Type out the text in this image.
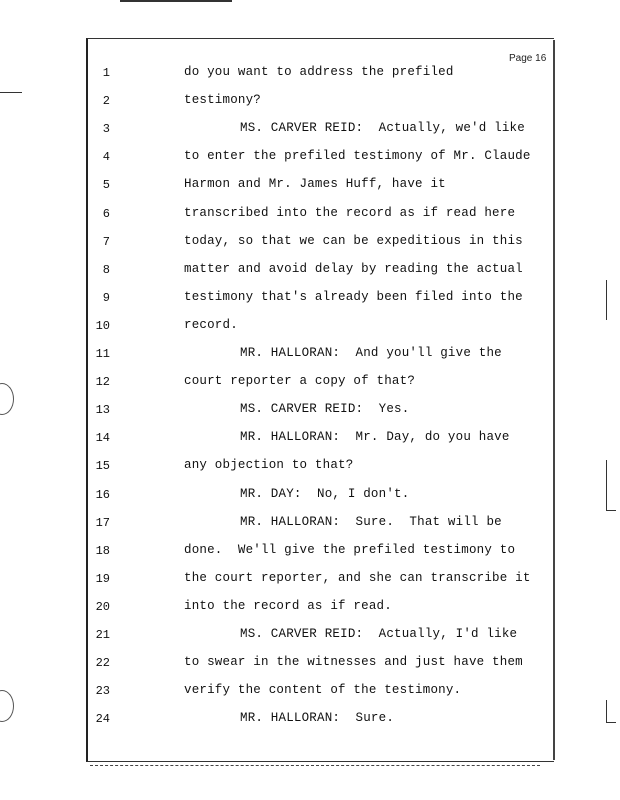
Page 16
1	do you want to address the prefiled
2	testimony?
3	MS. CARVER REID:  Actually, we'd like
4	to enter the prefiled testimony of Mr. Claude
5	Harmon and Mr. James Huff, have it
6	transcribed into the record as if read here
7	today, so that we can be expeditious in this
8	matter and avoid delay by reading the actual
9	testimony that's already been filed into the
10	record.
11	MR. HALLORAN:  And you'll give the
12	court reporter a copy of that?
13	MS. CARVER REID:  Yes.
14	MR. HALLORAN:  Mr. Day, do you have
15	any objection to that?
16	MR. DAY:  No, I don't.
17	MR. HALLORAN:  Sure.  That will be
18	done.  We'll give the prefiled testimony to
19	the court reporter, and she can transcribe it
20	into the record as if read.
21	MS. CARVER REID:  Actually, I'd like
22	to swear in the witnesses and just have them
23	verify the content of the testimony.
24	MR. HALLORAN:  Sure.
